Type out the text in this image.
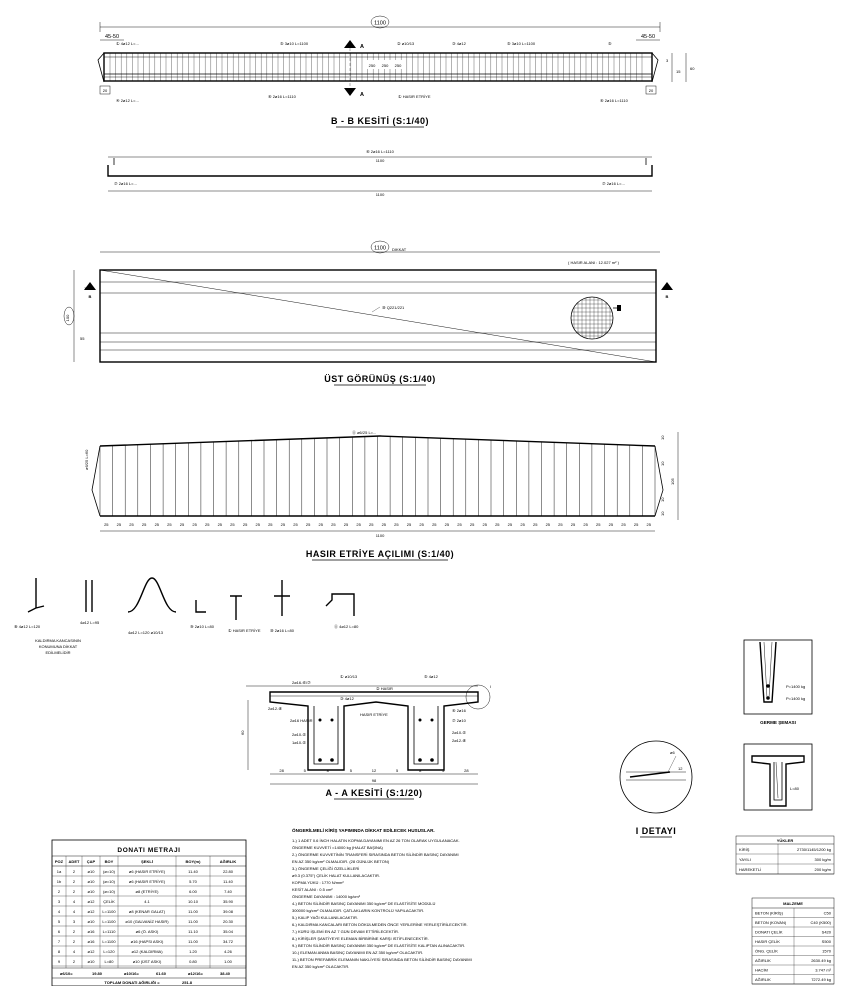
1100
45-50	45-50
① 4ø12 L=...	⑤ 3ø10 L=1100	② ø10/13	③ 4ø12	⑤ 3ø10 L=1100	⑤
A
A
250 250 250
20	20
④ 2ø12 L=...
⑥ 2ø16 L=1110	① HASIR ETRİYE
⑥ 2ø16 L=1110
3
15
60
B - B KESİTİ (S:1/40)
⑥ 2ø16 L=1110
1100
⑦ 2ø16 L=...	⑦ 2ø16 L=...
1100
1100 DIKKAT
( HASIR ALANI : 12.027 m² )
⑩ Q221/221
B	B
100
15
55
ÜST GÖRÜNÜŞ (S:1/40)
⑪ ø6/25 L=...
ø6/25 L=60
25 25 25 25 25 25 25 25 25 25 25 25 25 25 25 25 25 25 25 25 25 25 25 25 25 25 25 25 25 25 25 25 25 25 25 25 25 25 25 25 25 25 25 25
1100
10
10
105
10
10
HASIR ETRİYE AÇILIMI (S:1/40)
⑧ 4ø12 L=120
4ø12 L=95
4ø12 L=120 ø10/13
⑨ 2ø10 L=80
① HASIR ETRİYE ⑩ 2ø16 L=80
⑪ 4ø12 L=80
KALDIRMA KANCASININ
KONUMUNA DİKKAT
EDİLMELİDİR
I
60
2ø16-⑥/⑦
2ø12-⑧
2ø16 HASIR
2ø10-⑤
1ø10-⑤
① ø10/13
② HASIR
③ 4ø12
HASIR ETRİYE
⑤ 4ø12
⑥ 2ø16
⑦ 2ø10
2ø10-⑤
2ø12-⑧
28	5	8	5	12	5	8	5	28
98
A - A KESİTİ (S:1/20)
ø6
12
I DETAYI
P=1400 kg
P=1400 kg
GERME ŞEMASI
L=80
DONATI METRAJI
POZ ADET ÇAP BOY	ŞEKLİ	BOY(m)	AĞIRLIK
1a	2	ø10 (ø=10)	ø6 (HASIR ETRİYE)	11.40	22.80
1b	2	ø10 (ø=10)	ø6 (HASIR ETRİYE)	5.70	11.40
2	2	ø10 (ø=10)	ø8 (ETRİYE)	6.00	7.40
3	4	ø12 ÇELİK	4.1	10.10	35.90
4	4	ø12 L=1100	ø8 (KENAR GALAT)	11.00	39.08
5	3	ø10 L=1100 ø10 (GALVANİZ HASIR)	11.00	20.30
6	2	ø16 L=1110	ø6 (Ö. ASKI)	11.10	35.04
7	2	ø16 L=1100	ø16 (HAPSI ASKI)	11.00	34.72
8	4	ø12 L=120	ø12 (KALDIRMA)	1.20	4.26
9	2	ø10	L=80	ø10 (ÜST ASKI)	0.80	1.00
ø6/10=	19.80	ø10/16=	61.60	ø12/16=	38.40
TOPLAM DONATI AĞIRLIĞI =	251.8
ÖNGERİLMELİ KİRİŞ YAPIMINDA DİKKAT EDİLECEK HUSUSLAR.
1-) 1 ADET 0.6 İNCH HALATIN KOPMA DAYANIMI EN AZ 26 TON OLARAK UYGULANACAK.
ÖNGERME KUVVETİ =14000 kg (HALAT BAŞINA)
2-) ÖNGERME KUVVETİNİN TRANSFERİ SIRASINDA BETON SİLİNDİR BASINÇ DAYANIMI
EN AZ 350 kg/cm² OLMALIDIR. (28 GÜNLÜK BETON)
3-) ÖNGERME ÇELİĞİ ÖZELLİKLERİ
ø9.3 (0.375") ÇELİK HALAT KULLANILACAKTIR.
KOPMA YÜKÜ : 1770 N/mm²
KESİT ALANI : 0.5 cm²
ÖNGERME DAYANIMI : 14000 kg/cm²
4-) BETON SİLİNDİR BASINÇ DAYANIMI 350 kg/cm² DE ELASTİSİTE MODÜLÜ
300000 kg/cm² OLMALIDIR. ÇATLAKLARIN KONTROLÜ YAPILACAKTIR.
5-) KALIP YAĞI KULLANILACAKTIR.
6-) KALDIRMA KANCALARI BETON DÖKÜLMEDEN ÖNCE YERLERİNE YERLEŞTİRİLECEKTİR.
7-) KÜRÜ İŞLEMİ EN AZ 7 GÜN DEVAM ETTİRİLECEKTİR.
8-) KİRİŞLER ŞANTİYEYE ELEMAN BİRBİRİNE KARŞI ISTİFLENECEKTİR.
9-) BETON SİLİNDİR BASINÇ DAYANIMI 350 kg/cm² DE ELASTİSİTE KALIPTAN ALINACAKTIR.
10-) ELEMAN ANMA BASINÇ DAYANIMI EN AZ 350 kg/cm² OLACAKTIR.
11-) BETON PREFABRİK ELEMANIN NAKLİYESİ SIRASINDA BETON SİLİNDİR BASINÇ DAYANIMI
EN AZ 350 kg/cm² OLACAKTIR.
YÜKLER
KİRİŞ	2730/1145/1200 kg
YAYILI	300 kg/m
HAREKETLİ	200 kg/m
MALZEME
BETON (KİRİŞ)	C50
BETON (KOVAN)	C40 (K500)
DONATI ÇELİK	S420
HASIR ÇELİK	S500
ÖNG. ÇELİK	1570
AĞIRLIK	2630.49 kg
HACİM	3.747 m³
AĞIRLIK	7272.49 kg
